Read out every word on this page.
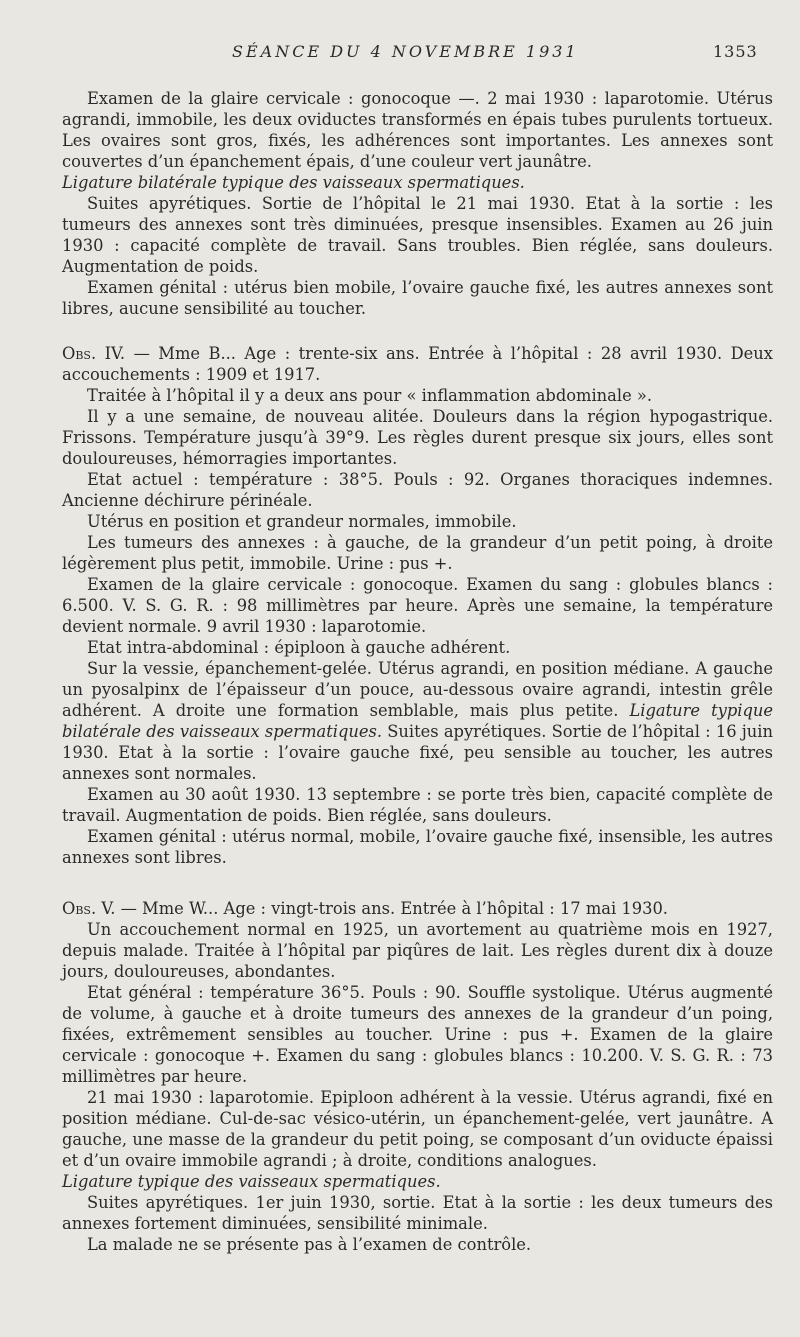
SÉANCE DU 4 NOVEMBRE 1931	1353

Examen de la glaire cervicale : gonocoque —. 2 mai 1930 : laparotomie. Utérus agrandi, immobile, les deux oviductes transformés en épais tubes purulents tortueux. Les ovaires sont gros, fixés, les adhérences sont importantes. Les annexes sont couvertes d’un épanchement épais, d’une couleur vert jaunâtre.

Ligature bilatérale typique des vaisseaux spermatiques.

Suites apyrétiques. Sortie de l’hôpital le 21 mai 1930. Etat à la sortie : les tumeurs des annexes sont très diminuées, presque insensibles. Examen au 26 juin 1930 : capacité complète de travail. Sans troubles. Bien réglée, sans douleurs. Augmentation de poids.

Examen génital : utérus bien mobile, l’ovaire gauche fixé, les autres annexes sont libres, aucune sensibilité au toucher.

Obs. IV. — Mme B... Age : trente-six ans. Entrée à l’hôpital : 28 avril 1930. Deux accouchements : 1909 et 1917.

Traitée à l’hôpital il y a deux ans pour « inflammation abdominale ».

Il y a une semaine, de nouveau alitée. Douleurs dans la région hypogastrique. Frissons. Température jusqu’à 39°9. Les règles durent presque six jours, elles sont douloureuses, hémorragies importantes.

Etat actuel : température : 38°5. Pouls : 92. Organes thoraciques indemnes. Ancienne déchirure périnéale.

Utérus en position et grandeur normales, immobile.

Les tumeurs des annexes : à gauche, de la grandeur d’un petit poing, à droite légèrement plus petit, immobile. Urine : pus +.

Examen de la glaire cervicale : gonocoque. Examen du sang : globules blancs : 6.500. V. S. G. R. : 98 millimètres par heure. Après une semaine, la température devient normale. 9 avril 1930 : laparotomie.

Etat intra-abdominal : épiploon à gauche adhérent.

Sur la vessie, épanchement-gelée. Utérus agrandi, en position médiane. A gauche un pyosalpinx de l’épaisseur d’un pouce, au-dessous ovaire agrandi, intestin grêle adhérent. A droite une formation semblable, mais plus petite. Ligature typique bilatérale des vaisseaux spermatiques. Suites apyrétiques. Sortie de l’hôpital : 16 juin 1930. Etat à la sortie : l’ovaire gauche fixé, peu sensible au toucher, les autres annexes sont normales.

Examen au 30 août 1930. 13 septembre : se porte très bien, capacité complète de travail. Augmentation de poids. Bien réglée, sans douleurs.

Examen génital : utérus normal, mobile, l’ovaire gauche fixé, insensible, les autres annexes sont libres.

Obs. V. — Mme W... Age : vingt-trois ans. Entrée à l’hôpital : 17 mai 1930.

Un accouchement normal en 1925, un avortement au quatrième mois en 1927, depuis malade. Traitée à l’hôpital par piqûres de lait. Les règles durent dix à douze jours, douloureuses, abondantes.

Etat général : température 36°5. Pouls : 90. Souffle systolique. Utérus augmenté de volume, à gauche et à droite tumeurs des annexes de la grandeur d’un poing, fixées, extrêmement sensibles au toucher. Urine : pus +. Examen de la glaire cervicale : gonocoque +. Examen du sang : globules blancs : 10.200. V. S. G. R. : 73 millimètres par heure.

21 mai 1930 : laparotomie. Epiploon adhérent à la vessie. Utérus agrandi, fixé en position médiane. Cul-de-sac vésico-utérin, un épanchement-gelée, vert jaunâtre. A gauche, une masse de la grandeur du petit poing, se composant d’un oviducte épaissi et d’un ovaire immobile agrandi ; à droite, conditions analogues.

Ligature typique des vaisseaux spermatiques.

Suites apyrétiques. 1er juin 1930, sortie. Etat à la sortie : les deux tumeurs des annexes fortement diminuées, sensibilité minimale.

La malade ne se présente pas à l’examen de contrôle.
